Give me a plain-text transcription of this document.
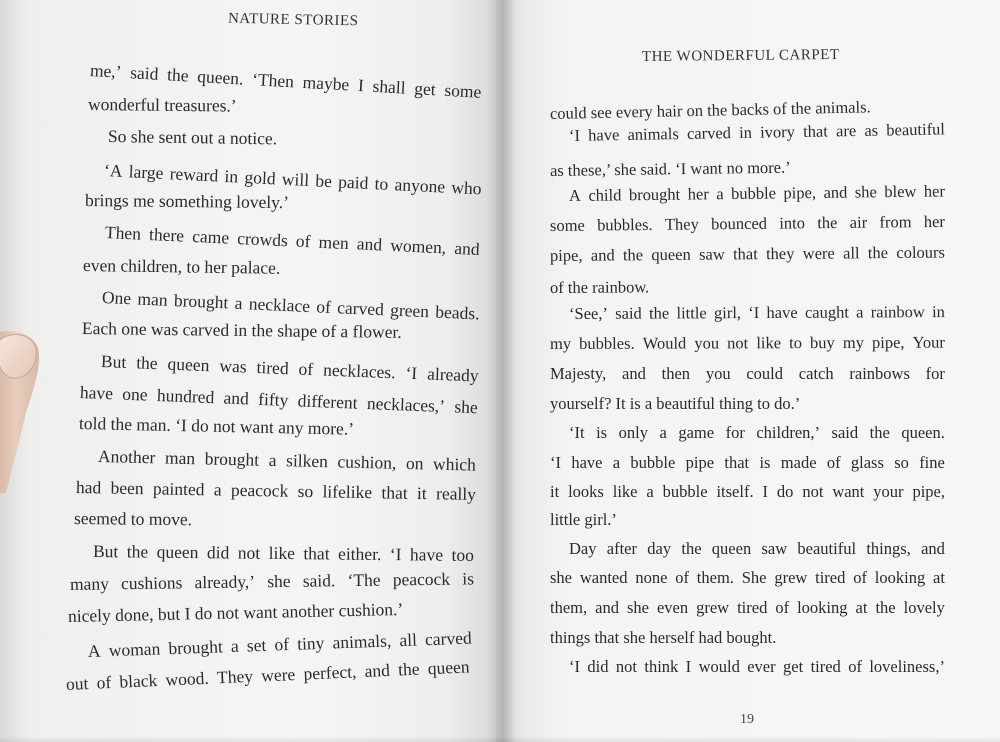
NATURE STORIES
me,’ said the queen. ‘Then maybe I shall get some
wonderful treasures.’
So she sent out a notice.
‘A large reward in gold will be paid to anyone who
brings me something lovely.’
Then there came crowds of men and women, and
even children, to her palace.
One man brought a necklace of carved green beads.
Each one was carved in the shape of a flower.
But the queen was tired of necklaces. ‘I already
have one hundred and fifty different necklaces,’ she
told the man. ‘I do not want any more.’
Another man brought a silken cushion, on which
had been painted a peacock so lifelike that it really
seemed to move.
But the queen did not like that either. ‘I have too
many cushions already,’ she said. ‘The peacock is
nicely done, but I do not want another cushion.’
A woman brought a set of tiny animals, all carved
out of black wood. They were perfect, and the queen
THE WONDERFUL CARPET
could see every hair on the backs of the animals.
‘I have animals carved in ivory that are as beautiful
as these,’ she said. ‘I want no more.’
A child brought her a bubble pipe, and she blew her
some bubbles. They bounced into the air from her
pipe, and the queen saw that they were all the colours
of the rainbow.
‘See,’ said the little girl, ‘I have caught a rainbow in
my bubbles. Would you not like to buy my pipe, Your
Majesty, and then you could catch rainbows for
yourself? It is a beautiful thing to do.’
‘It is only a game for children,’ said the queen.
‘I have a bubble pipe that is made of glass so fine
it looks like a bubble itself. I do not want your pipe,
little girl.’
Day after day the queen saw beautiful things, and
she wanted none of them. She grew tired of looking at
them, and she even grew tired of looking at the lovely
things that she herself had bought.
‘I did not think I would ever get tired of loveliness,’
19
